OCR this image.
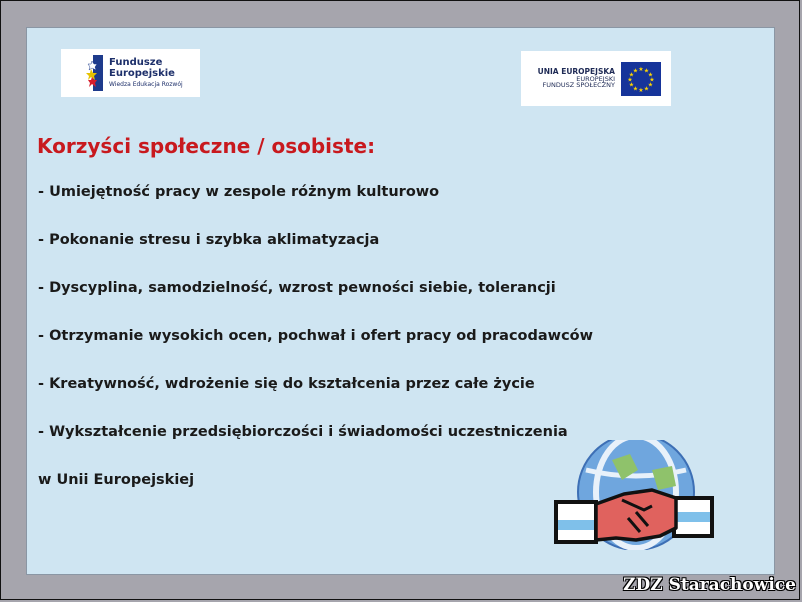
Fundusze
Europejskie
Wiedza Edukacja Rozwój
UNIA EUROPEJSKA
EUROPEJSKI
FUNDUSZ SPOŁECZNY
★ ★
★
★
★
★
★
★
★
★
★
★
Korzyści społeczne / osobiste:
- Umiejętność pracy w zespole różnym kulturowo
- Pokonanie stresu i szybka aklimatyzacja
- Dyscyplina, samodzielność, wzrost pewności siebie, tolerancji
- Otrzymanie wysokich ocen, pochwał i ofert pracy od pracodawców
- Kreatywność, wdrożenie się do kształcenia przez całe życie
- Wykształcenie przedsiębiorczości i świadomości uczestniczenia
w Unii Europejskiej
ZDZ Starachowice
